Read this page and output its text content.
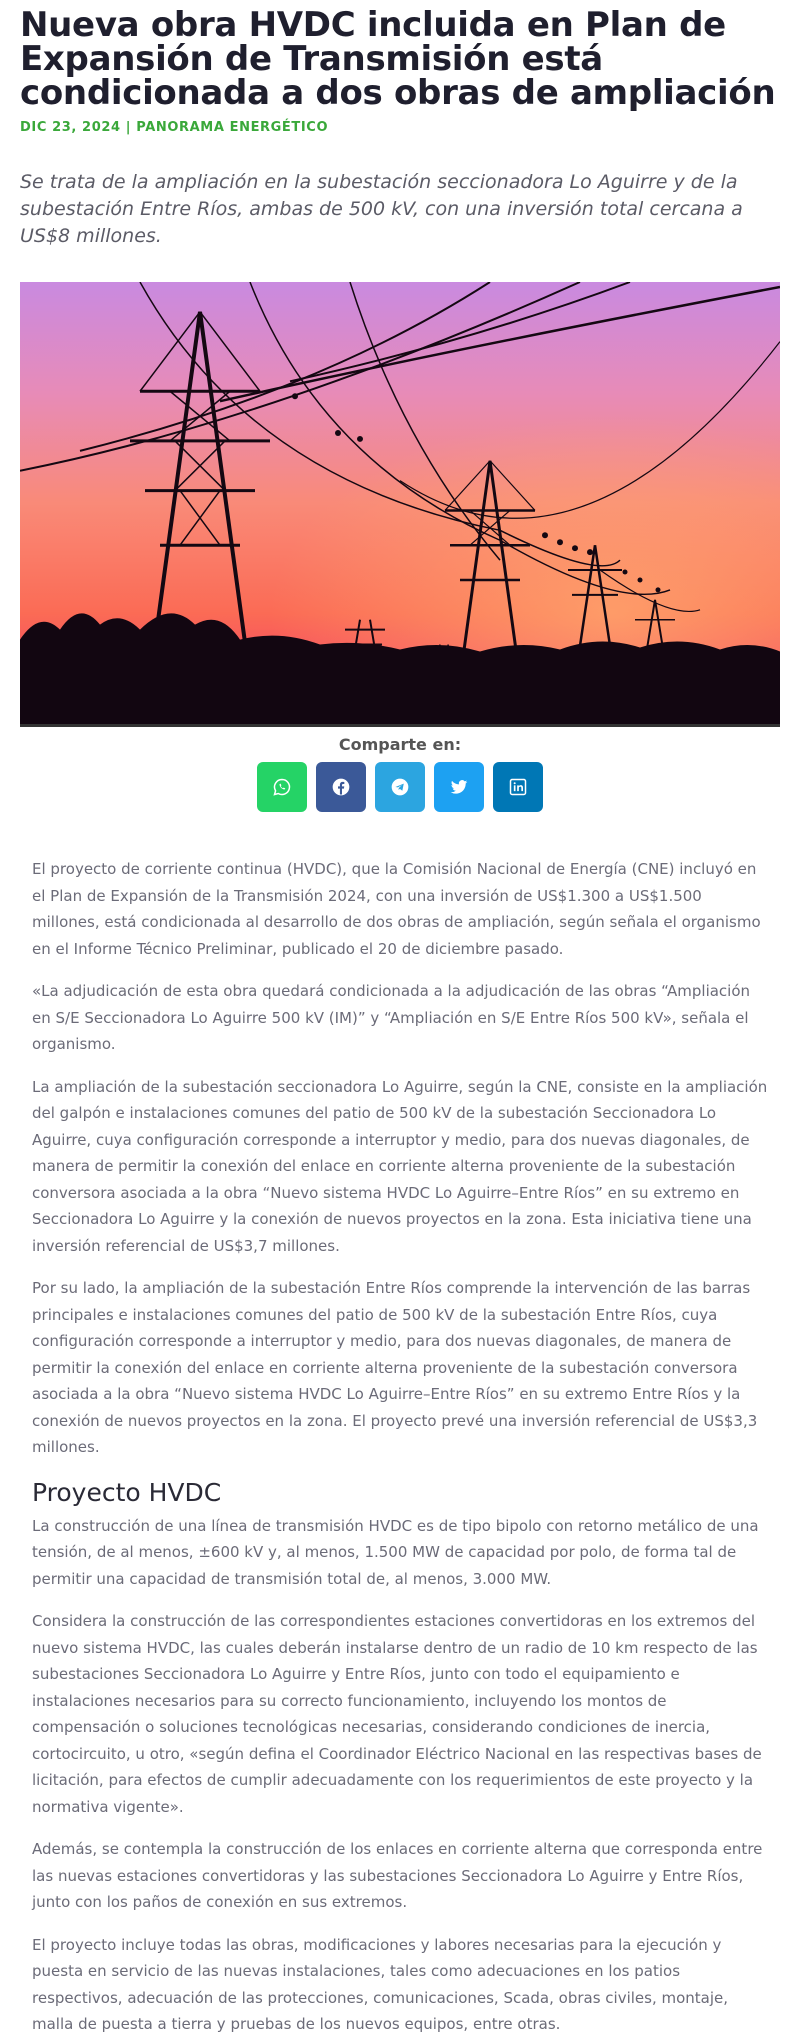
Nueva obra HVDC incluida en Plan de Expansión de Transmisión está condicionada a dos obras de ampliación
DIC 23, 2024 | PANORAMA ENERGÉTICO
Se trata de la ampliación en la subestación seccionadora Lo Aguirre y de la subestación Entre Ríos, ambas de 500 kV, con una inversión total cercana a US$8 millones.
Comparte en:

El proyecto de corriente continua (HVDC), que la Comisión Nacional de Energía (CNE) incluyó en el Plan de Expansión de la Transmisión 2024, con una inversión de US$1.300 a US$1.500 millones, está condicionada al desarrollo de dos obras de ampliación, según señala el organismo en el Informe Técnico Preliminar, publicado el 20 de diciembre pasado.

«La adjudicación de esta obra quedará condicionada a la adjudicación de las obras “Ampliación en S/E Seccionadora Lo Aguirre 500 kV (IM)” y “Ampliación en S/E Entre Ríos 500 kV», señala el organismo.

La ampliación de la subestación seccionadora Lo Aguirre, según la CNE, consiste en la ampliación del galpón e instalaciones comunes del patio de 500 kV de la subestación Seccionadora Lo Aguirre, cuya configuración corresponde a interruptor y medio, para dos nuevas diagonales, de manera de permitir la conexión del enlace en corriente alterna proveniente de la subestación conversora asociada a la obra “Nuevo sistema HVDC Lo Aguirre–Entre Ríos” en su extremo en Seccionadora Lo Aguirre y la conexión de nuevos proyectos en la zona. Esta iniciativa tiene una inversión referencial de US$3,7 millones.

Por su lado, la ampliación de la subestación Entre Ríos comprende la intervención de las barras principales e instalaciones comunes del patio de 500 kV de la subestación Entre Ríos, cuya configuración corresponde a interruptor y medio, para dos nuevas diagonales, de manera de permitir la conexión del enlace en corriente alterna proveniente de la subestación conversora asociada a la obra “Nuevo sistema HVDC Lo Aguirre–Entre Ríos” en su extremo Entre Ríos y la conexión de nuevos proyectos en la zona. El proyecto prevé una inversión referencial de US$3,3 millones.

Proyecto HVDC

La construcción de una línea de transmisión HVDC es de tipo bipolo con retorno metálico de una tensión, de al menos, ±600 kV y, al menos, 1.500 MW de capacidad por polo, de forma tal de permitir una capacidad de transmisión total de, al menos, 3.000 MW.

Considera la construcción de las correspondientes estaciones convertidoras en los extremos del nuevo sistema HVDC, las cuales deberán instalarse dentro de un radio de 10 km respecto de las subestaciones Seccionadora Lo Aguirre y Entre Ríos, junto con todo el equipamiento e instalaciones necesarios para su correcto funcionamiento, incluyendo los montos de compensación o soluciones tecnológicas necesarias, considerando condiciones de inercia, cortocircuito, u otro, «según defina el Coordinador Eléctrico Nacional en las respectivas bases de licitación, para efectos de cumplir adecuadamente con los requerimientos de este proyecto y la normativa vigente».

Además, se contempla la construcción de los enlaces en corriente alterna que corresponda entre las nuevas estaciones convertidoras y las subestaciones Seccionadora Lo Aguirre y Entre Ríos, junto con los paños de conexión en sus extremos.

El proyecto incluye todas las obras, modificaciones y labores necesarias para la ejecución y puesta en servicio de las nuevas instalaciones, tales como adecuaciones en los patios respectivos, adecuación de las protecciones, comunicaciones, Scada, obras civiles, montaje, malla de puesta a tierra y pruebas de los nuevos equipos, entre otras.
